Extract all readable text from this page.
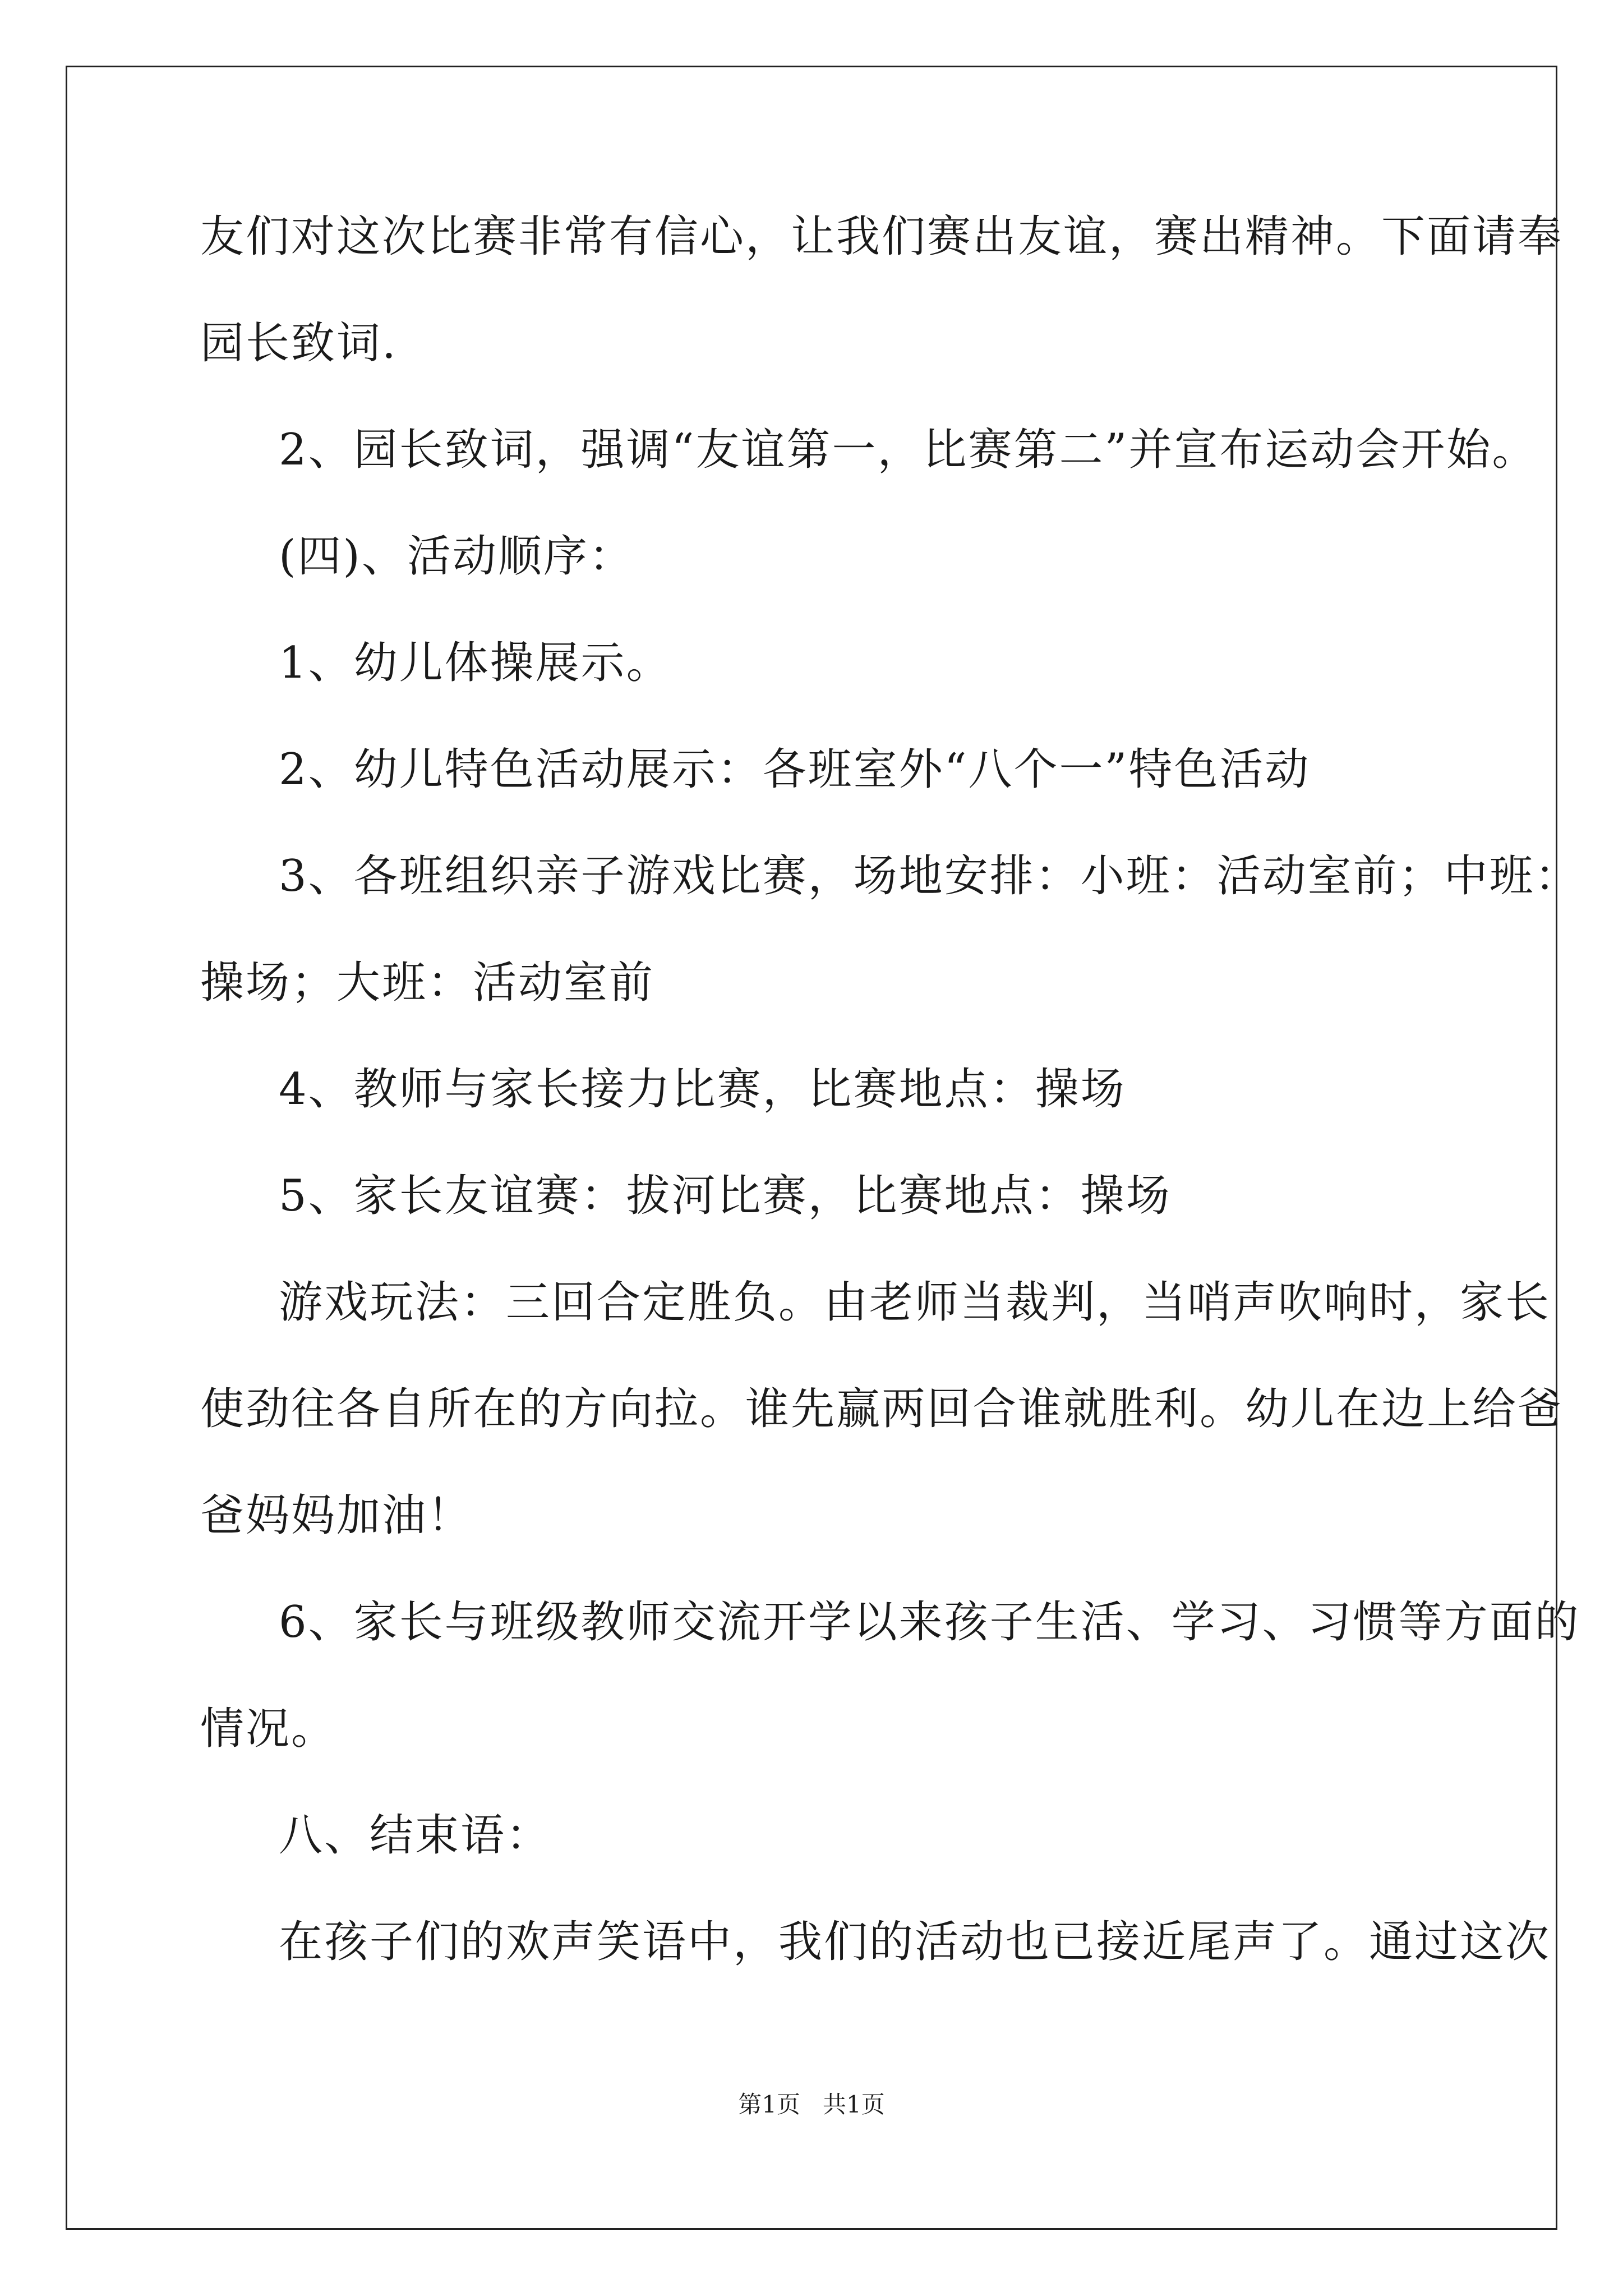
友们对这次比赛非常有信心，让我们赛出友谊，赛出精神。下面请奉
园长致词.
2、园长致词，强调“友谊第一，比赛第二”并宣布运动会开始。
(四)、活动顺序：
1、幼儿体操展示。
2、幼儿特色活动展示：各班室外“八个一”特色活动
3、各班组织亲子游戏比赛，场地安排：小班：活动室前；中班：
操场；大班：活动室前
4、教师与家长接力比赛，比赛地点：操场
5、家长友谊赛：拔河比赛，比赛地点：操场
游戏玩法：三回合定胜负。由老师当裁判，当哨声吹响时，家长
使劲往各自所在的方向拉。谁先赢两回合谁就胜利。幼儿在边上给爸
爸妈妈加油！
6、家长与班级教师交流开学以来孩子生活、学习、习惯等方面的
情况。
八、结束语：
在孩子们的欢声笑语中，我们的活动也已接近尾声了。通过这次
第1页   共1页
